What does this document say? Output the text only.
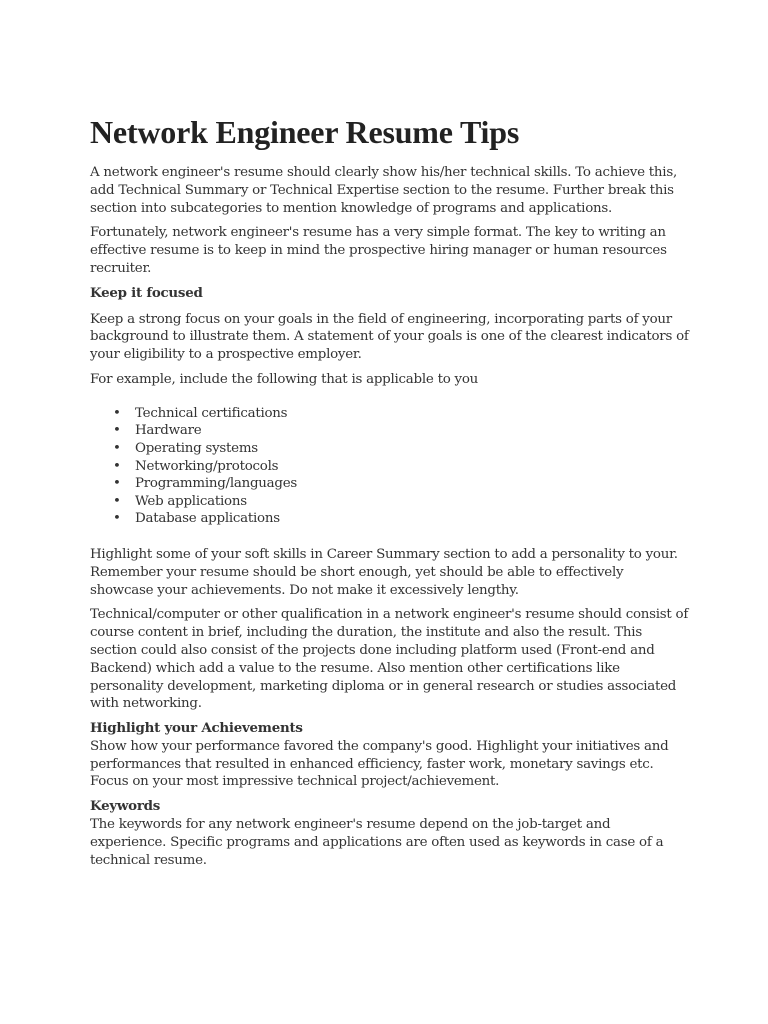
Network Engineer Resume Tips

A network engineer's resume should clearly show his/her technical skills. To achieve this, add Technical Summary or Technical Expertise section to the resume. Further break this section into subcategories to mention knowledge of programs and applications.

Fortunately, network engineer's resume has a very simple format. The key to writing an effective resume is to keep in mind the prospective hiring manager or human resources recruiter.

Keep it focused

Keep a strong focus on your goals in the field of engineering, incorporating parts of your background to illustrate them. A statement of your goals is one of the clearest indicators of your eligibility to a prospective employer.

For example, include the following that is applicable to you

• Technical certifications
• Hardware
• Operating systems
• Networking/protocols
• Programming/languages
• Web applications
• Database applications

Highlight some of your soft skills in Career Summary section to add a personality to your. Remember your resume should be short enough, yet should be able to effectively showcase your achievements. Do not make it excessively lengthy.

Technical/computer or other qualification in a network engineer's resume should consist of course content in brief, including the duration, the institute and also the result. This section could also consist of the projects done including platform used (Front-end and Backend) which add a value to the resume. Also mention other certifications like personality development, marketing diploma or in general research or studies associated with networking.

Highlight your Achievements

Show how your performance favored the company's good. Highlight your initiatives and performances that resulted in enhanced efficiency, faster work, monetary savings etc. Focus on your most impressive technical project/achievement.

Keywords

The keywords for any network engineer's resume depend on the job-target and experience. Specific programs and applications are often used as keywords in case of a technical resume.
